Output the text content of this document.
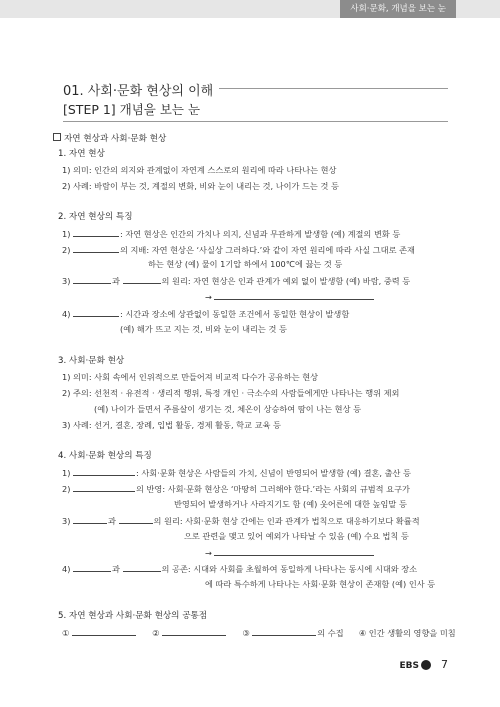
사회·문화, 개념을 보는 눈
01. 사회·문화 현상의 이해
[STEP 1] 개념을 보는 눈
자연 현상과 사회·문화 현상
1. 자연 현상
1) 의미: 인간의 의지와 관계없이 자연계 스스로의 원리에 따라 나타나는 현상
2) 사례: 바람이 부는 것, 계절의 변화, 비와 눈이 내리는 것, 나이가 드는 것 등
2. 자연 현상의 특징
1)	: 자연 현상은 인간의 가치나 의지, 신념과 무관하게 발생함 (예) 계절의 변화 등
2)	의 지배: 자연 현상은 ‘사실상 그러하다.’와 같이 자연 원리에 따라 사실 그대로 존재
하는 현상 (예) 물이 1기압 하에서 100℃에 끓는 것 등
3)	과	의 원리: 자연 현상은 인과 관계가 예외 없이 발생함 (예) 바람, 중력 등
→
4)	: 시간과 장소에 상관없이 동일한 조건에서 동일한 현상이 발생함
(예) 해가 뜨고 지는 것, 비와 눈이 내리는 것 등
3. 사회·문화 현상
1) 의미: 사회 속에서 인위적으로 만들어져 비교적 다수가 공유하는 현상
2) 주의: 선천적 · 유전적 · 생리적 행위, 특정 개인 · 극소수의 사람들에게만 나타나는 행위 제외
(예) 나이가 들면서 주름살이 생기는 것, 체온이 상승하여 땀이 나는 현상 등
3) 사례: 선거, 결혼, 장례, 입법 활동, 경제 활동, 학교 교육 등
4. 사회·문화 현상의 특징
1)	: 사회·문화 현상은 사람들의 가치, 신념이 반영되어 발생함 (예) 결혼, 출산 등
2)	의 반영: 사회·문화 현상은 ‘마땅히 그러해야 한다.’라는 사회의 규범적 요구가
반영되어 발생하거나 사라지기도 함 (예) 웃어른에 대한 높임말 등
3)	과	의 원리: 사회·문화 현상 간에는 인과 관계가 법칙으로 대응하기보다 확률적
으로 관련을 맺고 있어 예외가 나타날 수 있음 (예) 수요 법칙 등
→
4)	과	의 공존: 시대와 사회를 초월하여 동일하게 나타나는 동시에 시대와 장소
에 따라 특수하게 나타나는 사회·문화 현상이 존재함 (예) 인사 등
5. 자연 현상과 사회·문화 현상의 공통점
①	②	③	의 수집 ④ 인간 생활의 영향을 미침
EBS 7
